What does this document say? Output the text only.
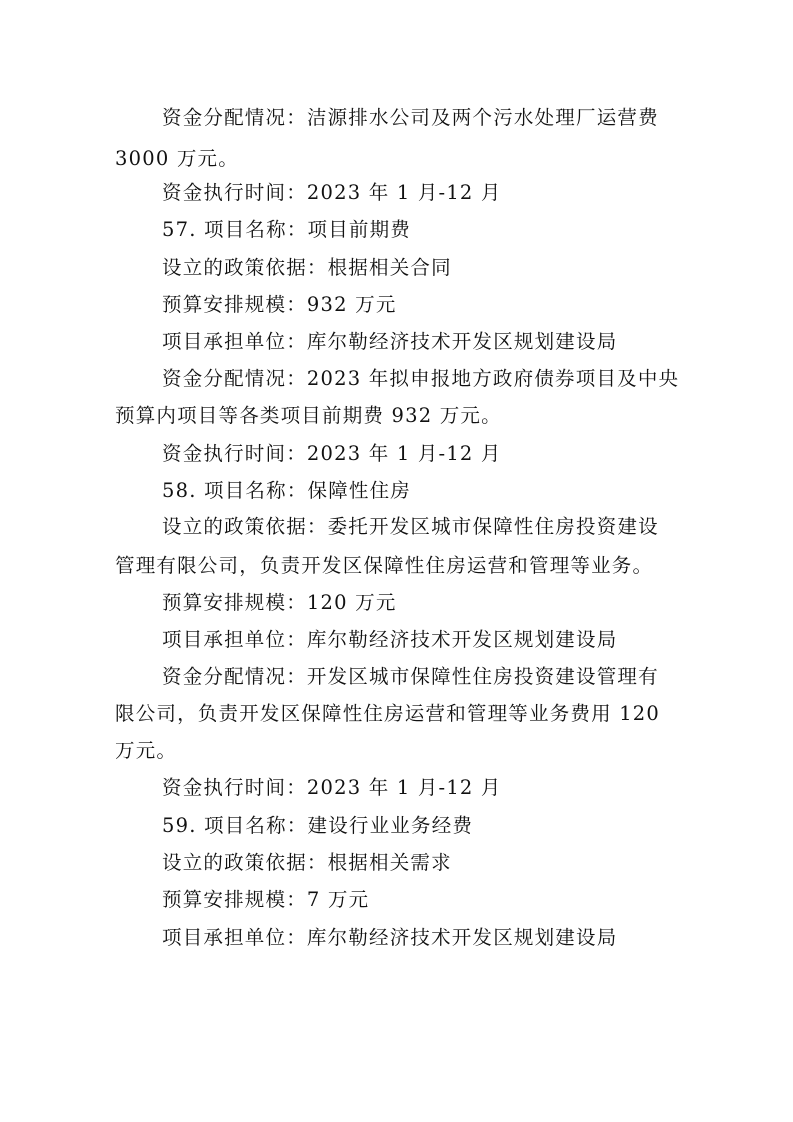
资金分配情况：洁源排水公司及两个污水处理厂运营费
3000 万元。
资金执行时间：2023 年 1 月-12 月
57. 项目名称：项目前期费
设立的政策依据：根据相关合同
预算安排规模：932 万元
项目承担单位：库尔勒经济技术开发区规划建设局
资金分配情况：2023 年拟申报地方政府债券项目及中央
预算内项目等各类项目前期费 932 万元。
资金执行时间：2023 年 1 月-12 月
58. 项目名称：保障性住房
设立的政策依据：委托开发区城市保障性住房投资建设
管理有限公司，负责开发区保障性住房运营和管理等业务。
预算安排规模：120 万元
项目承担单位：库尔勒经济技术开发区规划建设局
资金分配情况：开发区城市保障性住房投资建设管理有
限公司，负责开发区保障性住房运营和管理等业务费用 120
万元。
资金执行时间：2023 年 1 月-12 月
59. 项目名称：建设行业业务经费
设立的政策依据：根据相关需求
预算安排规模：7 万元
项目承担单位：库尔勒经济技术开发区规划建设局
